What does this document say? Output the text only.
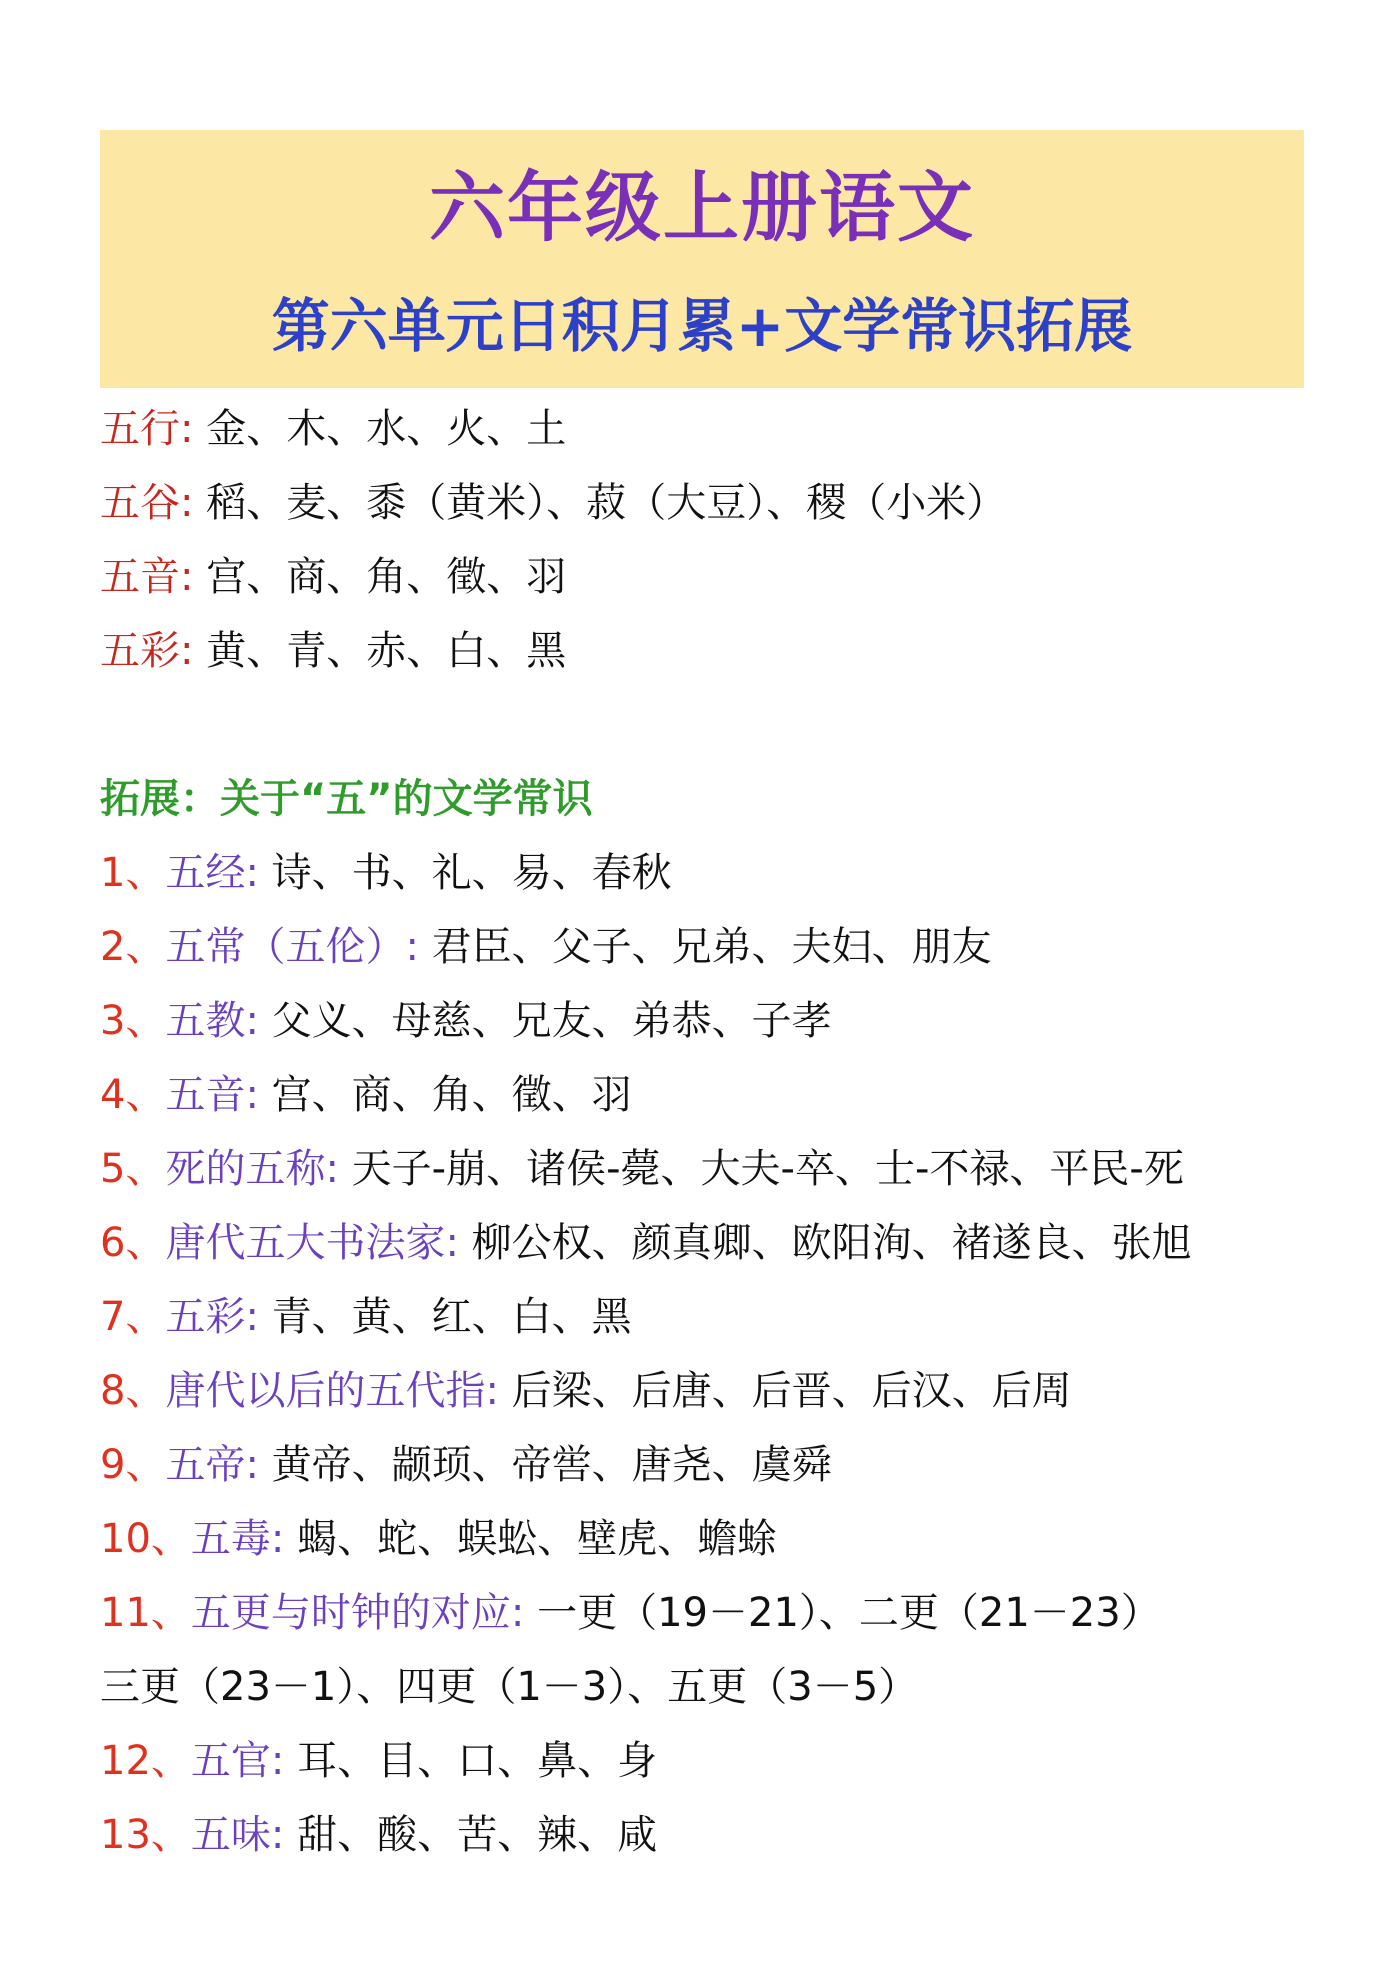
六年级上册语文
第六单元日积月累+文学常识拓展
五行: 金、木、水、火、土
五谷: 稻、麦、黍（黄米）、菽（大豆）、稷（小米）
五音: 宫、商、角、徵、羽
五彩: 黄、青、赤、白、黑
拓展：关于“五”的文学常识
1、五经: 诗、书、礼、易、春秋
2、五常（五伦）: 君臣、父子、兄弟、夫妇、朋友
3、五教: 父义、母慈、兄友、弟恭、子孝
4、五音: 宫、商、角、徵、羽
5、死的五称: 天子-崩、诸侯-薨、大夫-卒、士-不禄、平民-死
6、唐代五大书法家: 柳公权、颜真卿、欧阳洵、褚遂良、张旭
7、五彩: 青、黄、红、白、黑
8、唐代以后的五代指: 后梁、后唐、后晋、后汉、后周
9、五帝: 黄帝、颛顼、帝喾、唐尧、虞舜
10、五毒: 蝎、蛇、蜈蚣、壁虎、蟾蜍
11、五更与时钟的对应: 一更（19－21）、二更（21－23）
三更（23－1）、四更（1－3）、五更（3－5）
12、五官: 耳、目、口、鼻、身
13、五味: 甜、酸、苦、辣、咸
